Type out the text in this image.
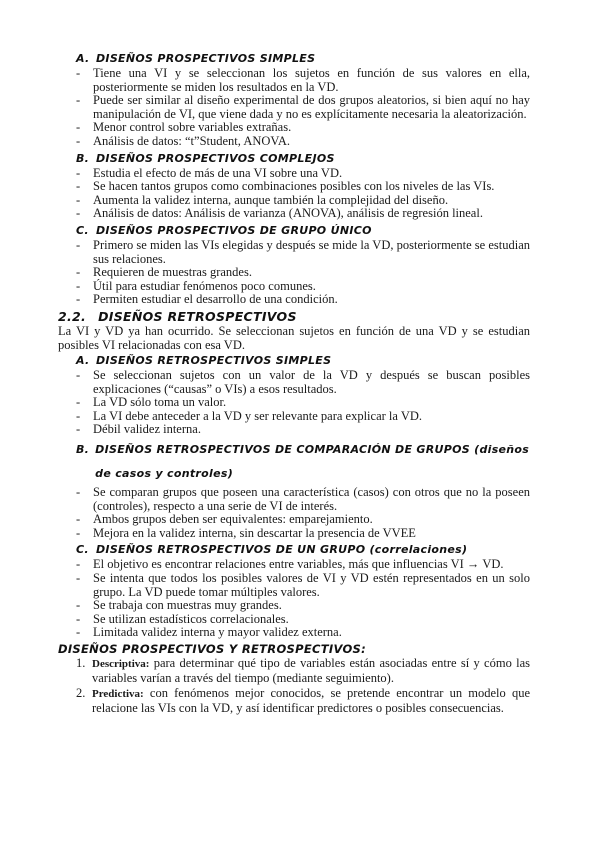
A. DISEÑOS PROSPECTIVOS SIMPLES
- Tiene una VI y se seleccionan los sujetos en función de sus valores en ella, posteriormente se miden los resultados en la VD.
- Puede ser similar al diseño experimental de dos grupos aleatorios, si bien aquí no hay manipulación de VI, que viene dada y no es explícitamente necesaria la aleatorización.
- Menor control sobre variables extrañas.
- Análisis de datos: “t”Student, ANOVA.
B. DISEÑOS PROSPECTIVOS COMPLEJOS
- Estudia el efecto de más de una VI sobre una VD.
- Se hacen tantos grupos como combinaciones posibles con los niveles de las VIs.
- Aumenta la validez interna, aunque también la complejidad del diseño.
- Análisis de datos: Análisis de varianza (ANOVA), análisis de regresión lineal.
C. DISEÑOS PROSPECTIVOS DE GRUPO ÚNICO
- Primero se miden las VIs elegidas y después se mide la VD, posteriormente se estudian sus relaciones.
- Requieren de muestras grandes.
- Útil para estudiar fenómenos poco comunes.
- Permiten estudiar el desarrollo de una condición.
2.2. DISEÑOS RETROSPECTIVOS

La VI y VD ya han ocurrido. Se seleccionan sujetos en función de una VD y se estudian posibles VI relacionadas con esa VD.

A. DISEÑOS RETROSPECTIVOS SIMPLES
- Se seleccionan sujetos con un valor de la VD y después se buscan posibles explicaciones (“causas” o VIs) a esos resultados.
- La VD sólo toma un valor.
- La VI debe anteceder a la VD y ser relevante para explicar la VD.
- Débil validez interna.
B. DISEÑOS RETROSPECTIVOS DE COMPARACIÓN DE GRUPOS (diseños de casos y controles)
- Se comparan grupos que poseen una característica (casos) con otros que no la poseen (controles), respecto a una serie de VI de interés.
- Ambos grupos deben ser equivalentes: emparejamiento.
- Mejora en la validez interna, sin descartar la presencia de VVEE
C. DISEÑOS RETROSPECTIVOS DE UN GRUPO (correlaciones)
- El objetivo es encontrar relaciones entre variables, más que influencias VI → VD.
- Se intenta que todos los posibles valores de VI y VD estén representados en un solo grupo. La VD puede tomar múltiples valores.
- Se trabaja con muestras muy grandes.
- Se utilizan estadísticos correlacionales.
- Limitada validez interna y mayor validez externa.
DISEÑOS PROSPECTIVOS Y RETROSPECTIVOS:
1. Descriptiva: para determinar qué tipo de variables están asociadas entre sí y cómo las variables varían a través del tiempo (mediante seguimiento).
2. Predictiva: con fenómenos mejor conocidos, se pretende encontrar un modelo que relacione las VIs con la VD, y así identificar predictores o posibles consecuencias.
